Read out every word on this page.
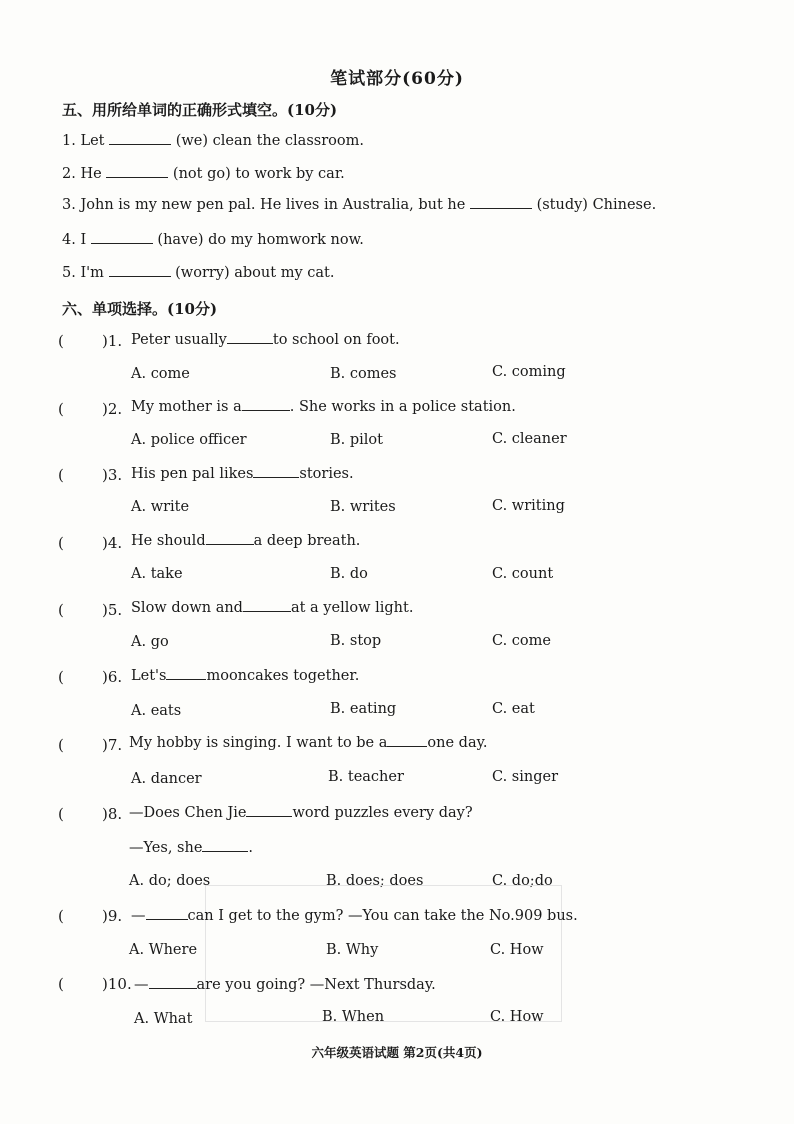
笔试部分(60分)
五、用所给单词的正确形式填空。(10分)
1. Let	(we) clean the classroom.
2. He	(not go) to work by car.
3. John is my new pen pal. He lives in Australia, but he	(study) Chinese.
4. I	(have) do my homwork now.
5. I'm	(worry) about my cat.
六、单项选择。(10分)
(	)1. Peter usually	to school on foot.
A. come	B. comes	C. coming
(	)2. My mother is a	. She works in a police station.
A. police officer	B. pilot	C. cleaner
(	)3. His pen pal likes	stories.
A. write	B. writes	C. writing
(	)4. He should	a deep breath.
A. take	B. do	C. count
(	)5. Slow down and	at a yellow light.
A. go	B. stop	C. come
(	)6. Let's	mooncakes together.
A. eats	B. eating	C. eat
(	)7. My hobby is singing. I want to be a	one day.
A. dancer	B. teacher	C. singer
(	)8. —Does Chen Jie	word puzzles every day?
—Yes, she	.
A. do; does	B. does; does	C. do;do
(	)9. —	can I get to the gym? —You can take the No.909 bus.
A. Where	B. Why	C. How
(	)10. —	are you going? —Next Thursday.
A. What	B. When	C. How
六年级英语试题 第2页(共4页)
